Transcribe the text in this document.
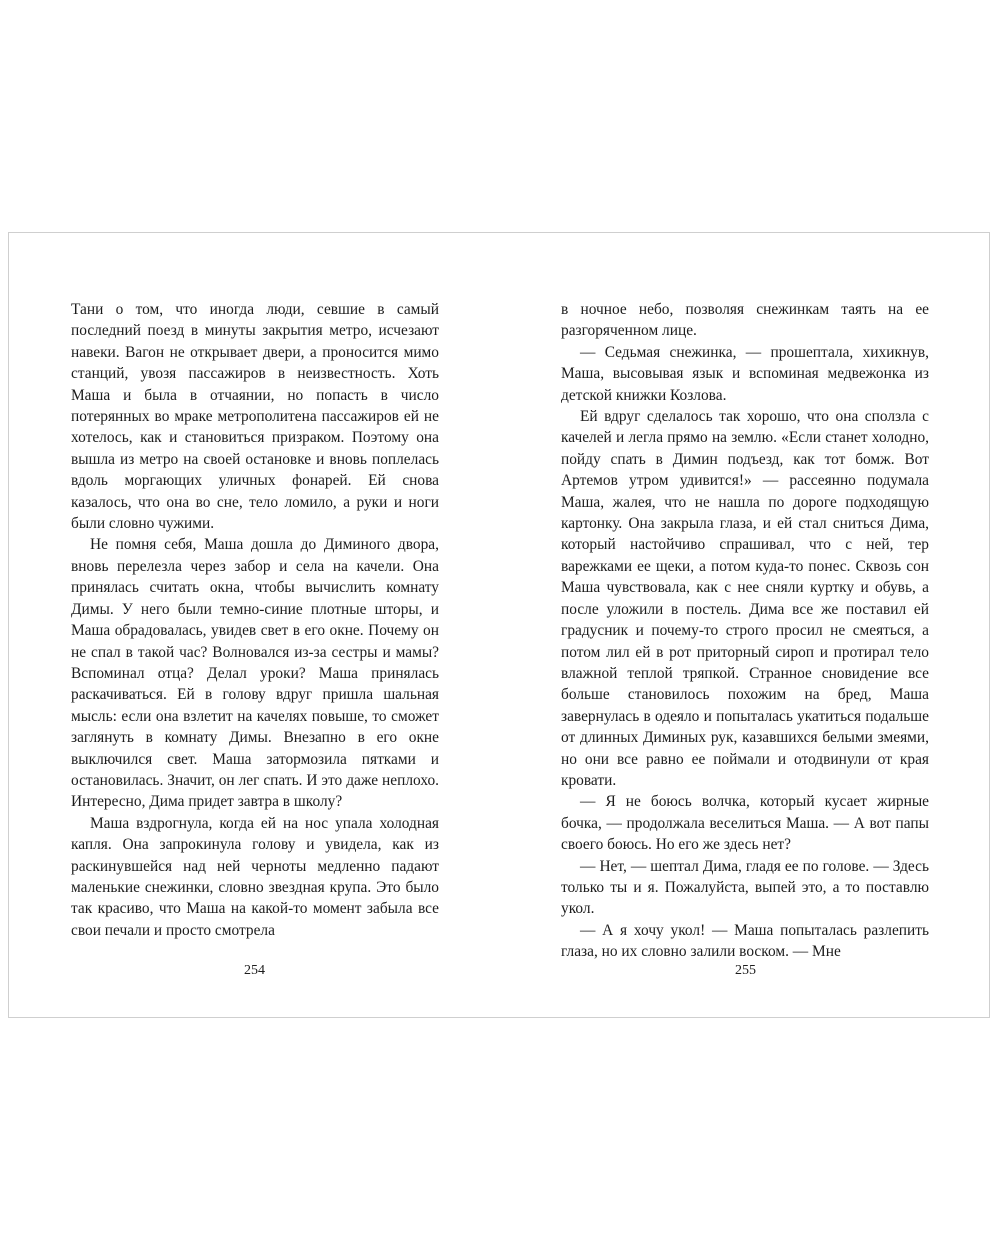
Тани о том, что иногда люди, севшие в самый последний поезд в минуты закрытия метро, исчезают навеки. Вагон не открывает двери, а проносится мимо станций, увозя пассажиров в неизвестность. Хоть Маша и была в отчаянии, но попасть в число потерянных во мраке метрополитена пассажиров ей не хотелось, как и становиться призраком. Поэтому она вышла из метро на своей остановке и вновь поплелась вдоль моргающих уличных фонарей. Ей снова казалось, что она во сне, тело ломило, а руки и ноги были словно чужими.

Не помня себя, Маша дошла до Диминого двора, вновь перелезла через забор и села на качели. Она принялась считать окна, чтобы вычислить комнату Димы. У него были темно-синие плотные шторы, и Маша обрадовалась, увидев свет в его окне. Почему он не спал в такой час? Волновался из-за сестры и мамы? Вспоминал отца? Делал уроки? Маша принялась раскачиваться. Ей в голову вдруг пришла шальная мысль: если она взлетит на качелях повыше, то сможет заглянуть в комнату Димы. Внезапно в его окне выключился свет. Маша затормозила пятками и остановилась. Значит, он лег спать. И это даже неплохо. Интересно, Дима придет завтра в школу?

Маша вздрогнула, когда ей на нос упала холодная капля. Она запрокинула голову и увидела, как из раскинувшейся над ней черноты медленно падают маленькие снежинки, словно звездная крупа. Это было так красиво, что Маша на какой-то момент забыла все свои печали и просто смотрела

254

в ночное небо, позволяя снежинкам таять на ее разгоряченном лице.

— Седьмая снежинка, — прошептала, хихикнув, Маша, высовывая язык и вспоминая медвежонка из детской книжки Козлова.

Ей вдруг сделалось так хорошо, что она сползла с качелей и легла прямо на землю. «Если станет холодно, пойду спать в Димин подъезд, как тот бомж. Вот Артемов утром удивится!» — рассеянно подумала Маша, жалея, что не нашла по дороге подходящую картонку. Она закрыла глаза, и ей стал сниться Дима, который настойчиво спрашивал, что с ней, тер варежками ее щеки, а потом куда-то понес. Сквозь сон Маша чувствовала, как с нее сняли куртку и обувь, а после уложили в постель. Дима все же поставил ей градусник и почему-то строго просил не смеяться, а потом лил ей в рот приторный сироп и протирал тело влажной теплой тряпкой. Странное сновидение все больше становилось похожим на бред, Маша завернулась в одеяло и попыталась укатиться подальше от длинных Диминых рук, казавшихся белыми змеями, но они все равно ее поймали и отодвинули от края кровати.

— Я не боюсь волчка, который кусает жирные бочка, — продолжала веселиться Маша. — А вот папы своего боюсь. Но его же здесь нет?

— Нет, — шептал Дима, гладя ее по голове. — Здесь только ты и я. Пожалуйста, выпей это, а то поставлю укол.

— А я хочу укол! — Маша попыталась разлепить глаза, но их словно залили воском. — Мне

255
